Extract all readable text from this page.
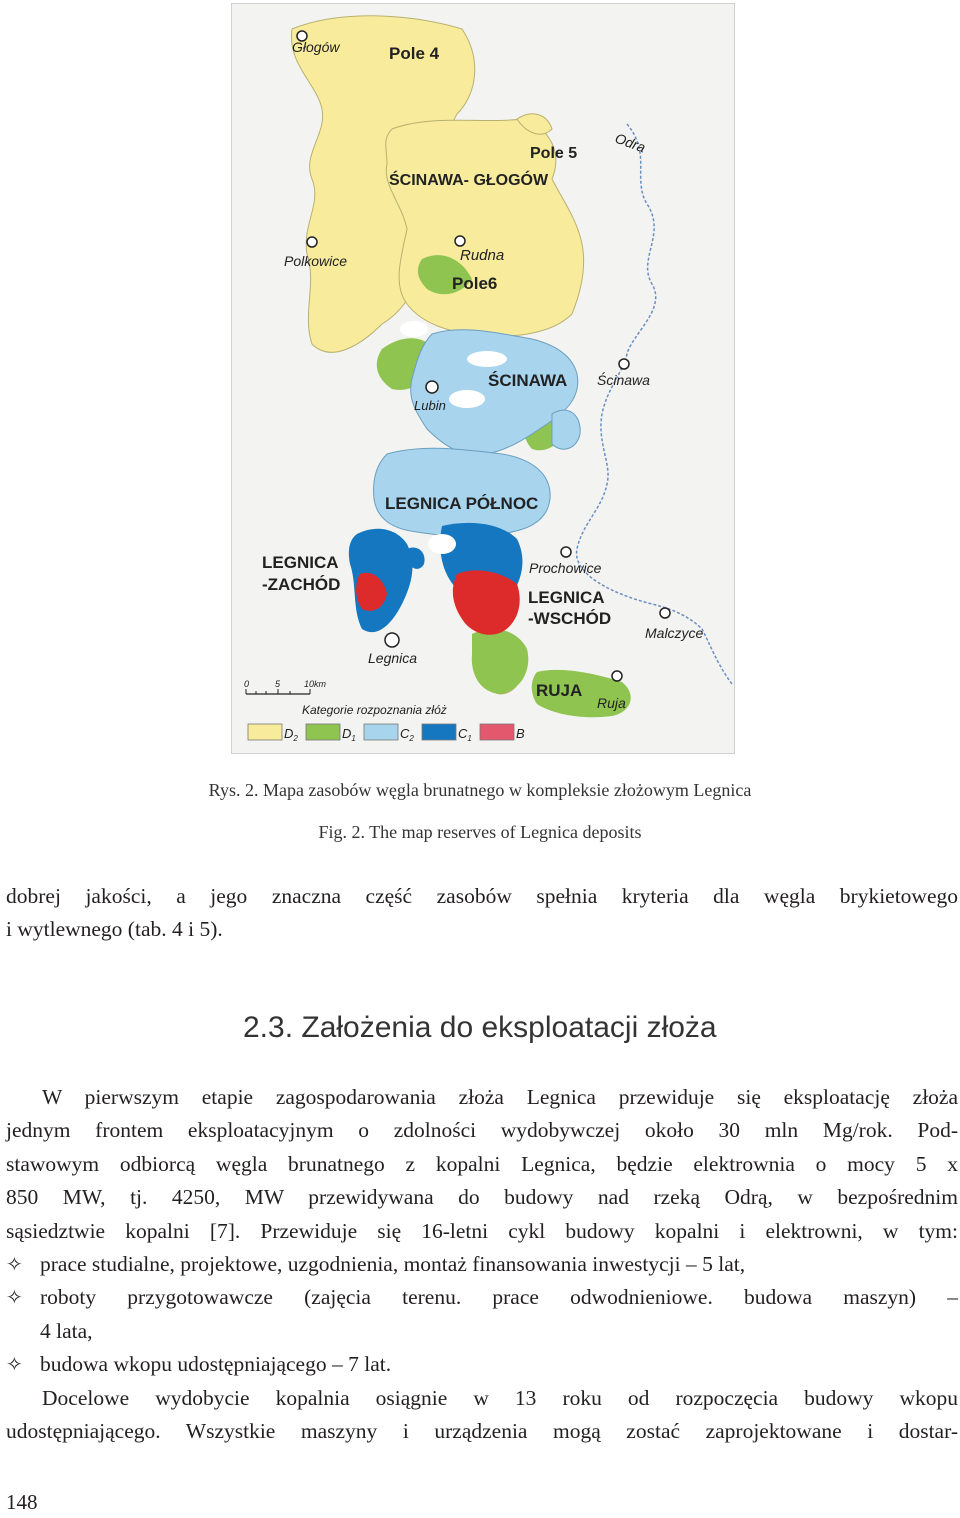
Głogów
Polkowice	Rudna
Lubin
Ścinawa
Prochowice
Legnica
Malczyce
Ruja
Odra
Pole 4
Pole 5
ŚCINAWA- GŁOGÓW
Pole6
ŚCINAWA
LEGNICA PÓŁNOC
LEGNICA
-ZACHÓD
LEGNICA
-WSCHÓD
RUJA
0	5	10km
Kategorie rozpoznania złóż
$D_2$	$D_1$	$C_2$	$C_1$	B
Rys. 2. Mapa zasobów węgla brunatnego w kompleksie złożowym Legnica
Fig. 2. The map reserves of Legnica deposits
dobrej jakości, a jego znaczna część zasobów spełnia kryteria dla węgla brykietowego
i wytlewnego (tab. 4 i 5).
2.3. Założenia do eksploatacji złoża
W pierwszym etapie zagospodarowania złoża Legnica przewiduje się eksploatację złoża
jednym frontem eksploatacyjnym o zdolności wydobywczej około 30 mln Mg/rok. Pod-
stawowym odbiorcą węgla brunatnego z kopalni Legnica, będzie elektrownia o mocy 5 x
850 MW, tj. 4250, MW przewidywana do budowy nad rzeką Odrą, w bezpośrednim
sąsiedztwie kopalni [7]. Przewiduje się 16-letni cykl budowy kopalni i elektrowni, w tym:
✧ prace studialne, projektowe, uzgodnienia, montaż finansowania inwestycji – 5 lat,
✧ roboty przygotowawcze (zajęcia terenu. prace odwodnieniowe. budowa maszyn) –
4 lata,
✧ budowa wkopu udostępniającego – 7 lat.
Docelowe wydobycie kopalnia osiągnie w 13 roku od rozpoczęcia budowy wkopu
udostępniającego. Wszystkie maszyny i urządzenia mogą zostać zaprojektowane i dostar-
148
